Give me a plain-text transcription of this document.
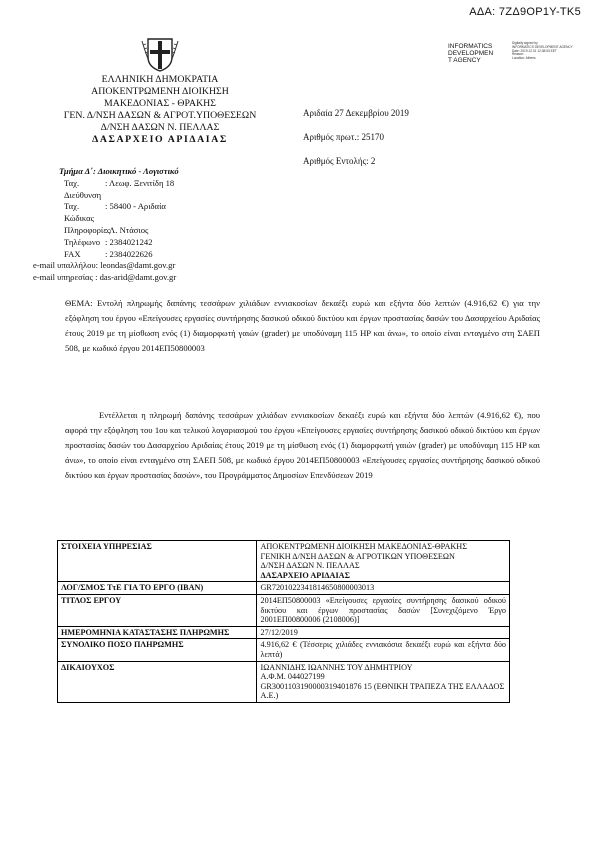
ΑΔΑ: 7ΖΔ9ΟΡ1Υ-ΤΚ5
INFORMATICS
DEVELOPMEN
T AGENCY
Digitally signed by
INFORMATICS DEVELOPMENT AGENCY
Date: 2019.12.31 12:38:53 EET
Reason:
Location: Athens
ΕΛΛΗΝΙΚΗ ΔΗΜΟΚΡΑΤΙΑ
ΑΠΟΚΕΝΤΡΩΜΕΝΗ ΔΙΟΙΚΗΣΗ
ΜΑΚΕΔΟΝΙΑΣ - ΘΡΑΚΗΣ
ΓΕΝ. Δ/ΝΣΗ ΔΑΣΩΝ & ΑΓΡΟΤ.ΥΠΟΘΕΣΕΩΝ
Δ/ΝΣΗ ΔΑΣΩΝ Ν. ΠΕΛΛΑΣ
ΔΑΣΑΡΧΕΙΟ ΑΡΙΔΑΙΑΣ
Αριδαία 27 Δεκεμβρίου 2019
Αριθμός πρωτ.: 25170
Αριθμός Εντολής: 2
Τμήμα Δ΄: Διοικητικό - Λογιστικό
Ταχ. Διεύθυνση
: Λεωφ. Ξενιτίδη 18
Ταχ. Κώδικας
: 58400 - Αριδαία
Πληροφορίες
: Λ. Ντάσιος
Τηλέφωνο : 2384021242
FAX	: 2384022626
e-mail υπαλλήλου: leondas@damt.gov.gr
e-mail υπηρεσίας : das-arid@damt.gov.gr
ΘΕΜΑ: Εντολή πληρωμής δαπάνης τεσσάρων χιλιάδων εννιακοσίων δεκαέξι ευρώ και εξήντα δύο λεπτών (4.916,62 €) για την εξόφληση του έργου «Επείγουσες εργασίες συντήρησης δασικού οδικού δικτύου και έργων προστασίας δασών του Δασαρχείου Αριδαίας έτους 2019 με τη μίσθωση ενός (1) διαμορφωτή γαιών (grader) με υποδύναμη 115 HP και άνω», το οποίο είναι ενταγμένο στη ΣΑΕΠ 508, με κωδικό έργου 2014ΕΠ50800003
Εντέλλεται η πληρωμή δαπάνης τεσσάρων χιλιάδων εννιακοσίων δεκαέξι ευρώ και εξήντα δύο λεπτών (4.916,62 €), που αφορά την εξόφληση του 1ου και τελικού λογαριασμού του έργου «Επείγουσες εργασίες συντήρησης δασικού οδικού δικτύου και έργων προστασίας δασών του Δασαρχείου Αριδαίας έτους 2019 με τη μίσθωση ενός (1) διαμορφωτή γαιών (grader) με υποδύναμη 115 HP και άνω», το οποίο είναι ενταγμένο στη ΣΑΕΠ 508, με κωδικό έργου 2014ΕΠ50800003 «Επείγουσες εργασίες συντήρησης δασικού οδικού δικτύου και έργων προστασίας δασών», του Προγράμματος Δημοσίων Επενδύσεων 2019
ΣΤΟΙΧΕΙΑ ΥΠΗΡΕΣΙΑΣ	ΑΠΟΚΕΝΤΡΩΜΕΝΗ ΔΙΟΙΚΗΣΗ ΜΑΚΕΔΟΝΙΑΣ-ΘΡΑΚΗΣ
ΓΕΝΙΚΗ Δ/ΝΣΗ ΔΑΣΩΝ & ΑΓΡΟΤΙΚΩΝ ΥΠΟΘΕΣΕΩΝ
Δ/ΝΣΗ ΔΑΣΩΝ Ν. ΠΕΛΛΑΣ
ΔΑΣΑΡΧΕΙΟ ΑΡΙΔΑΙΑΣ

ΛΟΓ/ΣΜΟΣ ΤτΕ ΓΙΑ ΤΟ ΕΡΓΟ (IBAN)	GR7201022341814650800003013
ΤΙΤΛΟΣ ΕΡΓΟΥ	2014ΕΠ50800003 «Επείγουσες εργασίες συντήρησης δασικού οδικού δικτύου και έργων προστασίας δασών [Συνεχιζόμενο Έργο 2001ΕΠ00800006 (2108006)]
ΗΜΕΡΟΜΗΝΙΑ ΚΑΤΑΣΤΑΣΗΣ ΠΛΗΡΩΜΗΣ	27/12/2019
ΣΥΝΟΛΙΚΟ ΠΟΣΟ ΠΛΗΡΩΜΗΣ	4.916,62 € (Τέσσερις χιλιάδες εννιακόσια δεκαέξι ευρώ και εξήντα δύο λεπτά)
ΔΙΚΑΙΟΥΧΟΣ	ΙΩΑΝΝΙΔΗΣ ΙΩΑΝΝΗΣ ΤΟΥ ΔΗΜΗΤΡΙΟΥ
Α.Φ.Μ. 044027199
GR3001103190000319401876 15 (ΕΘΝΙΚΗ ΤΡΑΠΕΖΑ ΤΗΣ ΕΛΛΑΔΟΣ Α.Ε.)
